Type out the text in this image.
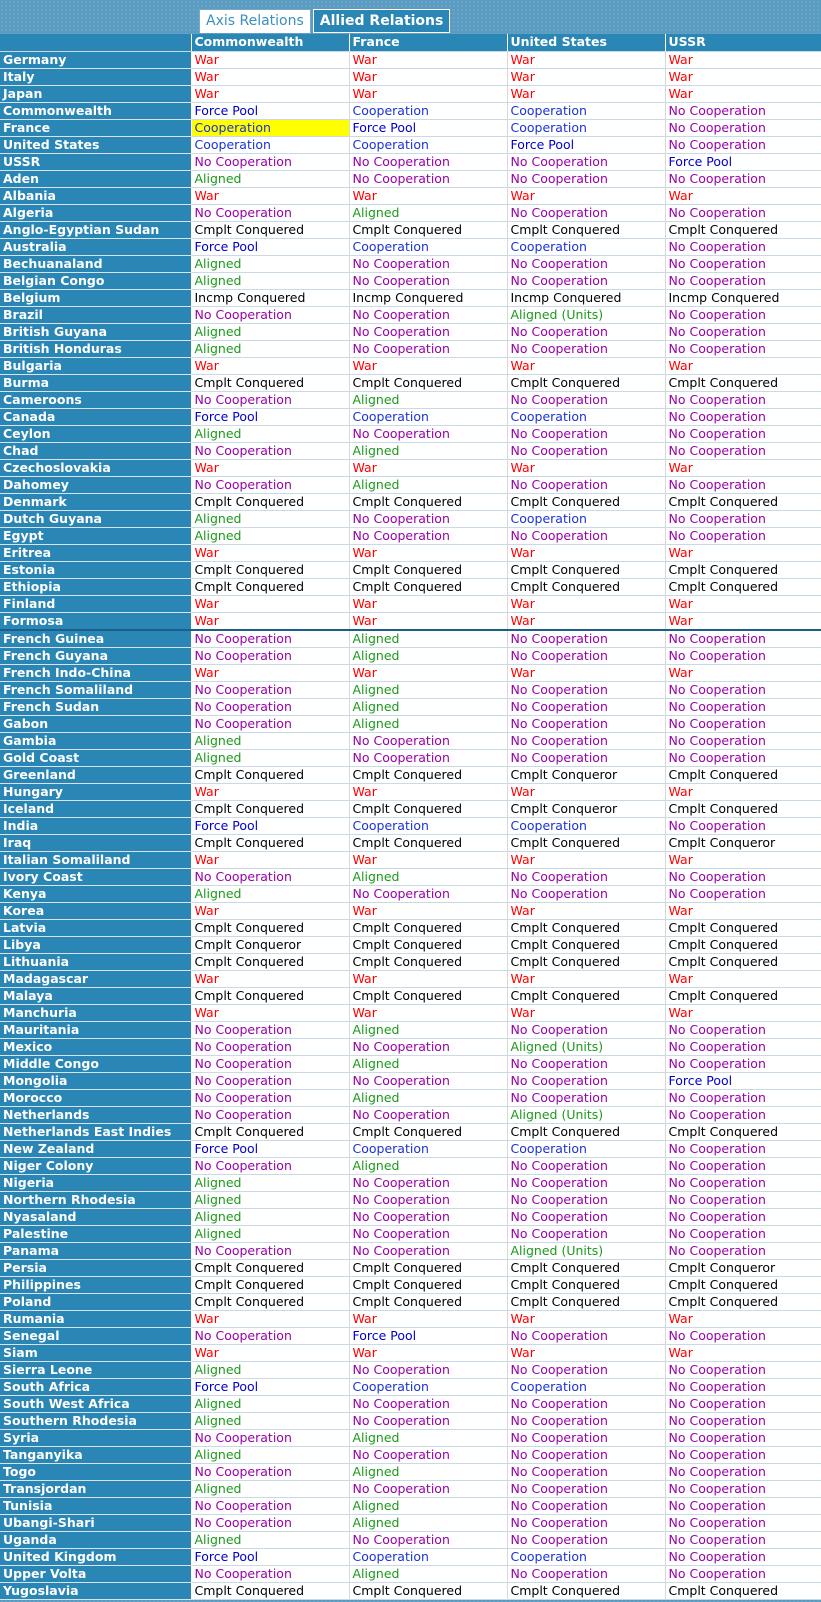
Axis Relations	Allied Relations
	Commonwealth	France	United States	USSR
Germany	War	War	War	War
Italy	War	War	War	War
Japan	War	War	War	War
Commonwealth	Force Pool	Cooperation	Cooperation	No Cooperation
France	Cooperation	Force Pool	Cooperation	No Cooperation
United States	Cooperation	Cooperation	Force Pool	No Cooperation
USSR	No Cooperation	No Cooperation	No Cooperation	Force Pool
Aden	Aligned	No Cooperation	No Cooperation	No Cooperation
Albania	War	War	War	War
Algeria	No Cooperation	Aligned	No Cooperation	No Cooperation
Anglo-Egyptian Sudan	Cmplt Conquered	Cmplt Conquered	Cmplt Conquered	Cmplt Conquered
Australia	Force Pool	Cooperation	Cooperation	No Cooperation
Bechuanaland	Aligned	No Cooperation	No Cooperation	No Cooperation
Belgian Congo	Aligned	No Cooperation	No Cooperation	No Cooperation
Belgium	Incmp Conquered	Incmp Conquered	Incmp Conquered	Incmp Conquered
Brazil	No Cooperation	No Cooperation	Aligned (Units)	No Cooperation
British Guyana	Aligned	No Cooperation	No Cooperation	No Cooperation
British Honduras	Aligned	No Cooperation	No Cooperation	No Cooperation
Bulgaria	War	War	War	War
Burma	Cmplt Conquered	Cmplt Conquered	Cmplt Conquered	Cmplt Conquered
Cameroons	No Cooperation	Aligned	No Cooperation	No Cooperation
Canada	Force Pool	Cooperation	Cooperation	No Cooperation
Ceylon	Aligned	No Cooperation	No Cooperation	No Cooperation
Chad	No Cooperation	Aligned	No Cooperation	No Cooperation
Czechoslovakia	War	War	War	War
Dahomey	No Cooperation	Aligned	No Cooperation	No Cooperation
Denmark	Cmplt Conquered	Cmplt Conquered	Cmplt Conquered	Cmplt Conquered
Dutch Guyana	Aligned	No Cooperation	Cooperation	No Cooperation
Egypt	Aligned	No Cooperation	No Cooperation	No Cooperation
Eritrea	War	War	War	War
Estonia	Cmplt Conquered	Cmplt Conquered	Cmplt Conquered	Cmplt Conquered
Ethiopia	Cmplt Conquered	Cmplt Conquered	Cmplt Conquered	Cmplt Conquered
Finland	War	War	War	War
Formosa	War	War	War	War
French Guinea	No Cooperation	Aligned	No Cooperation	No Cooperation
French Guyana	No Cooperation	Aligned	No Cooperation	No Cooperation
French Indo-China	War	War	War	War
French Somaliland	No Cooperation	Aligned	No Cooperation	No Cooperation
French Sudan	No Cooperation	Aligned	No Cooperation	No Cooperation
Gabon	No Cooperation	Aligned	No Cooperation	No Cooperation
Gambia	Aligned	No Cooperation	No Cooperation	No Cooperation
Gold Coast	Aligned	No Cooperation	No Cooperation	No Cooperation
Greenland	Cmplt Conquered	Cmplt Conquered	Cmplt Conqueror	Cmplt Conquered
Hungary	War	War	War	War
Iceland	Cmplt Conquered	Cmplt Conquered	Cmplt Conqueror	Cmplt Conquered
India	Force Pool	Cooperation	Cooperation	No Cooperation
Iraq	Cmplt Conquered	Cmplt Conquered	Cmplt Conquered	Cmplt Conqueror
Italian Somaliland	War	War	War	War
Ivory Coast	No Cooperation	Aligned	No Cooperation	No Cooperation
Kenya	Aligned	No Cooperation	No Cooperation	No Cooperation
Korea	War	War	War	War
Latvia	Cmplt Conquered	Cmplt Conquered	Cmplt Conquered	Cmplt Conquered
Libya	Cmplt Conqueror	Cmplt Conquered	Cmplt Conquered	Cmplt Conquered
Lithuania	Cmplt Conquered	Cmplt Conquered	Cmplt Conquered	Cmplt Conquered
Madagascar	War	War	War	War
Malaya	Cmplt Conquered	Cmplt Conquered	Cmplt Conquered	Cmplt Conquered
Manchuria	War	War	War	War
Mauritania	No Cooperation	Aligned	No Cooperation	No Cooperation
Mexico	No Cooperation	No Cooperation	Aligned (Units)	No Cooperation
Middle Congo	No Cooperation	Aligned	No Cooperation	No Cooperation
Mongolia	No Cooperation	No Cooperation	No Cooperation	Force Pool
Morocco	No Cooperation	Aligned	No Cooperation	No Cooperation
Netherlands	No Cooperation	No Cooperation	Aligned (Units)	No Cooperation
Netherlands East Indies	Cmplt Conquered	Cmplt Conquered	Cmplt Conquered	Cmplt Conquered
New Zealand	Force Pool	Cooperation	Cooperation	No Cooperation
Niger Colony	No Cooperation	Aligned	No Cooperation	No Cooperation
Nigeria	Aligned	No Cooperation	No Cooperation	No Cooperation
Northern Rhodesia	Aligned	No Cooperation	No Cooperation	No Cooperation
Nyasaland	Aligned	No Cooperation	No Cooperation	No Cooperation
Palestine	Aligned	No Cooperation	No Cooperation	No Cooperation
Panama	No Cooperation	No Cooperation	Aligned (Units)	No Cooperation
Persia	Cmplt Conquered	Cmplt Conquered	Cmplt Conquered	Cmplt Conqueror
Philippines	Cmplt Conquered	Cmplt Conquered	Cmplt Conquered	Cmplt Conquered
Poland	Cmplt Conquered	Cmplt Conquered	Cmplt Conquered	Cmplt Conquered
Rumania	War	War	War	War
Senegal	No Cooperation	Force Pool	No Cooperation	No Cooperation
Siam	War	War	War	War
Sierra Leone	Aligned	No Cooperation	No Cooperation	No Cooperation
South Africa	Force Pool	Cooperation	Cooperation	No Cooperation
South West Africa	Aligned	No Cooperation	No Cooperation	No Cooperation
Southern Rhodesia	Aligned	No Cooperation	No Cooperation	No Cooperation
Syria	No Cooperation	Aligned	No Cooperation	No Cooperation
Tanganyika	Aligned	No Cooperation	No Cooperation	No Cooperation
Togo	No Cooperation	Aligned	No Cooperation	No Cooperation
Transjordan	Aligned	No Cooperation	No Cooperation	No Cooperation
Tunisia	No Cooperation	Aligned	No Cooperation	No Cooperation
Ubangi-Shari	No Cooperation	Aligned	No Cooperation	No Cooperation
Uganda	Aligned	No Cooperation	No Cooperation	No Cooperation
United Kingdom	Force Pool	Cooperation	Cooperation	No Cooperation
Upper Volta	No Cooperation	Aligned	No Cooperation	No Cooperation
Yugoslavia	Cmplt Conquered	Cmplt Conquered	Cmplt Conquered	Cmplt Conquered
